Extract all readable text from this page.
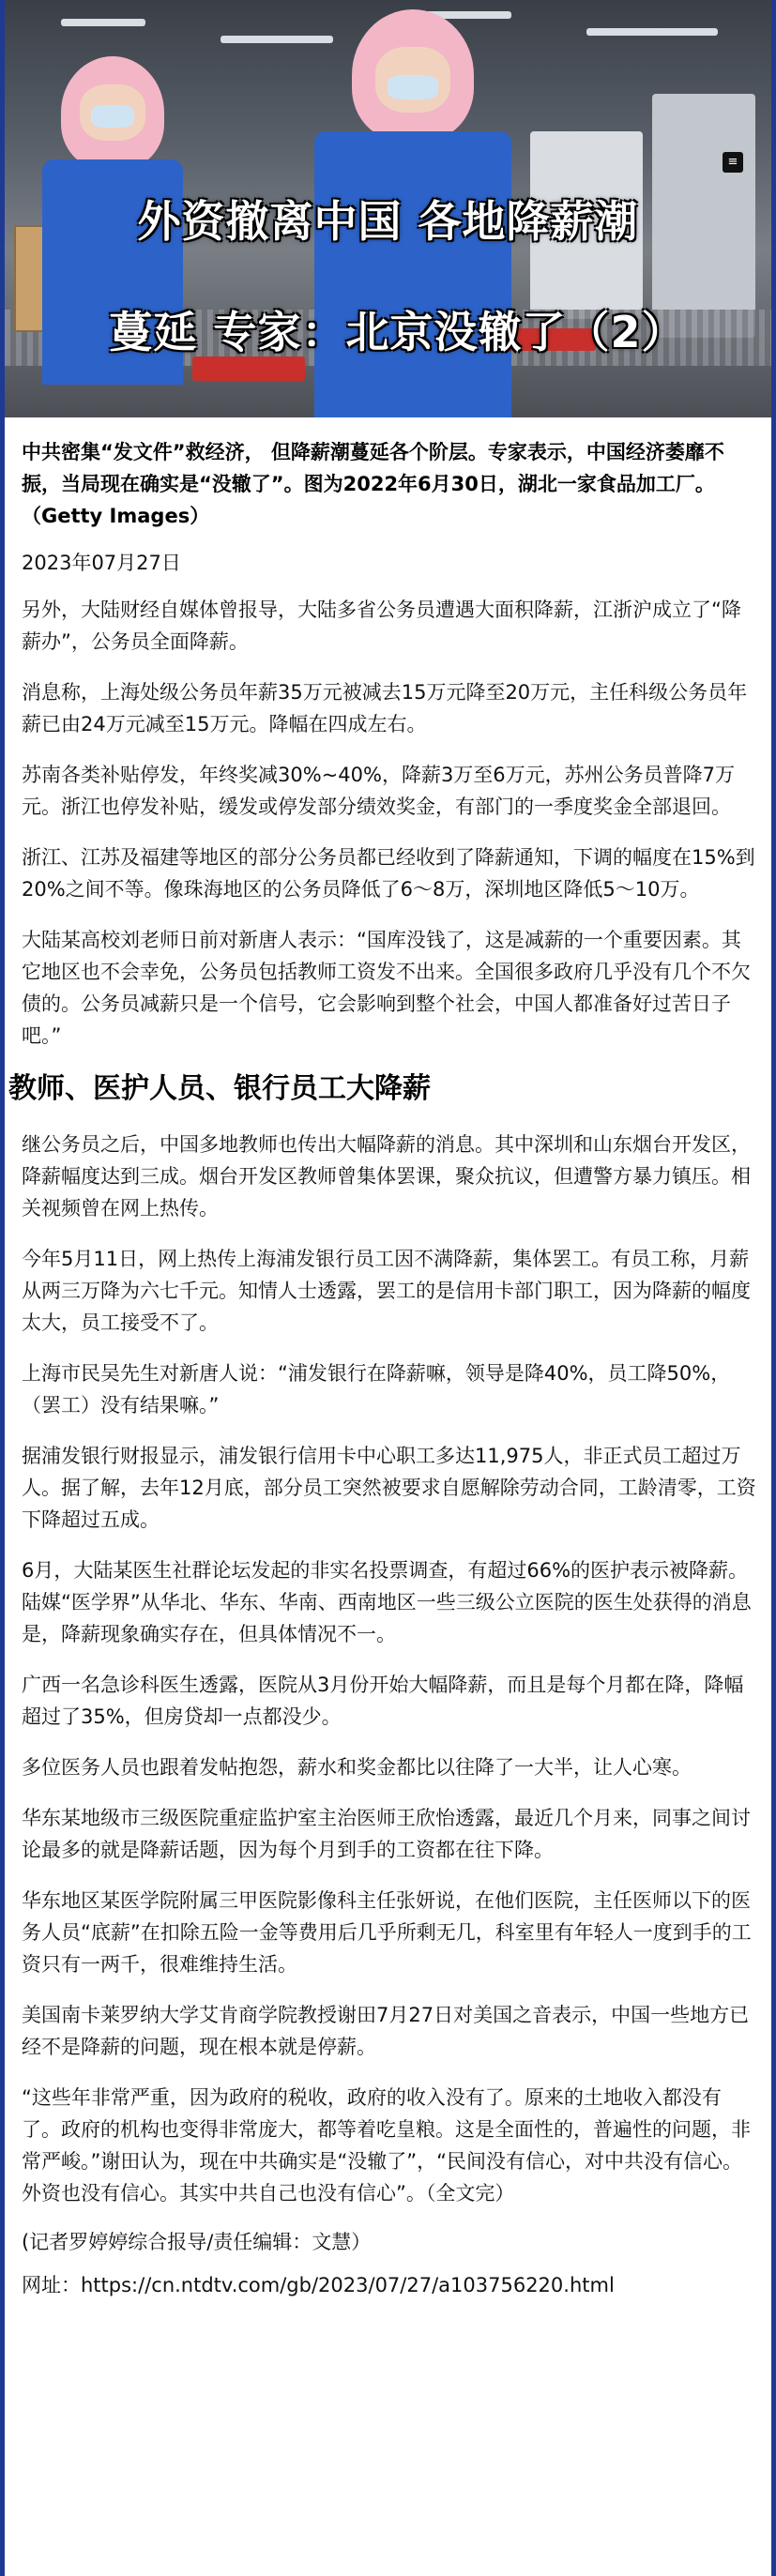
≡
外资撤离中国 各地降薪潮
蔓延 专家：北京没辙了（2）

中共密集“发文件”救经济， 但降薪潮蔓延各个阶层。专家表示，中国经济萎靡不振，当局现在确实是“没辙了”。图为2022年6月30日，湖北一家食品加工厂。（Getty Images）

2023年07月27日

另外，大陆财经自媒体曾报导，大陆多省公务员遭遇大面积降薪，江浙沪成立了“降薪办”，公务员全面降薪。

消息称，上海处级公务员年薪35万元被减去15万元降至20万元，主任科级公务员年薪已由24万元减至15万元。降幅在四成左右。

苏南各类补贴停发，年终奖减30%~40%，降薪3万至6万元，苏州公务员普降7万元。浙江也停发补贴，缓发或停发部分绩效奖金，有部门的一季度奖金全部退回。

浙江、江苏及福建等地区的部分公务员都已经收到了降薪通知，下调的幅度在15%到20%之间不等。像珠海地区的公务员降低了6～8万，深圳地区降低5～10万。

大陆某高校刘老师日前对新唐人表示：“国库没钱了，这是减薪的一个重要因素。其它地区也不会幸免，公务员包括教师工资发不出来。全国很多政府几乎没有几个不欠债的。公务员减薪只是一个信号，它会影响到整个社会，中国人都准备好过苦日子吧。”

教师、医护人员、银行员工大降薪

继公务员之后，中国多地教师也传出大幅降薪的消息。其中深圳和山东烟台开发区，降薪幅度达到三成。烟台开发区教师曾集体罢课，聚众抗议，但遭警方暴力镇压。相关视频曾在网上热传。

今年5月11日，网上热传上海浦发银行员工因不满降薪，集体罢工。有员工称，月薪从两三万降为六七千元。知情人士透露，罢工的是信用卡部门职工，因为降薪的幅度太大，员工接受不了。

上海市民吴先生对新唐人说：“浦发银行在降薪嘛，领导是降40%，员工降50%，（罢工）没有结果嘛。”

据浦发银行财报显示，浦发银行信用卡中心职工多达11,975人，非正式员工超过万人。据了解，去年12月底，部分员工突然被要求自愿解除劳动合同，工龄清零，工资下降超过五成。

6月，大陆某医生社群论坛发起的非实名投票调查，有超过66%的医护表示被降薪。陆媒“医学界”从华北、华东、华南、西南地区一些三级公立医院的医生处获得的消息是，降薪现象确实存在，但具体情况不一。

广西一名急诊科医生透露，医院从3月份开始大幅降薪，而且是每个月都在降，降幅超过了35%，但房贷却一点都没少。

多位医务人员也跟着发帖抱怨，薪水和奖金都比以往降了一大半，让人心寒。

华东某地级市三级医院重症监护室主治医师王欣怡透露，最近几个月来，同事之间讨论最多的就是降薪话题，因为每个月到手的工资都在往下降。

华东地区某医学院附属三甲医院影像科主任张妍说，在他们医院，主任医师以下的医务人员“底薪”在扣除五险一金等费用后几乎所剩无几，科室里有年轻人一度到手的工资只有一两千，很难维持生活。

美国南卡莱罗纳大学艾肯商学院教授谢田7月27日对美国之音表示，中国一些地方已经不是降薪的问题，现在根本就是停薪。

“这些年非常严重，因为政府的税收，政府的收入没有了。原来的土地收入都没有了。政府的机构也变得非常庞大，都等着吃皇粮。这是全面性的，普遍性的问题，非常严峻。”谢田认为，现在中共确实是“没辙了”，“民间没有信心，对中共没有信心。外资也没有信心。其实中共自己也没有信心”。（全文完）

(记者罗婷婷综合报导/责任编辑：文慧）

网址：https://cn.ntdtv.com/gb/2023/07/27/a103756220.html
